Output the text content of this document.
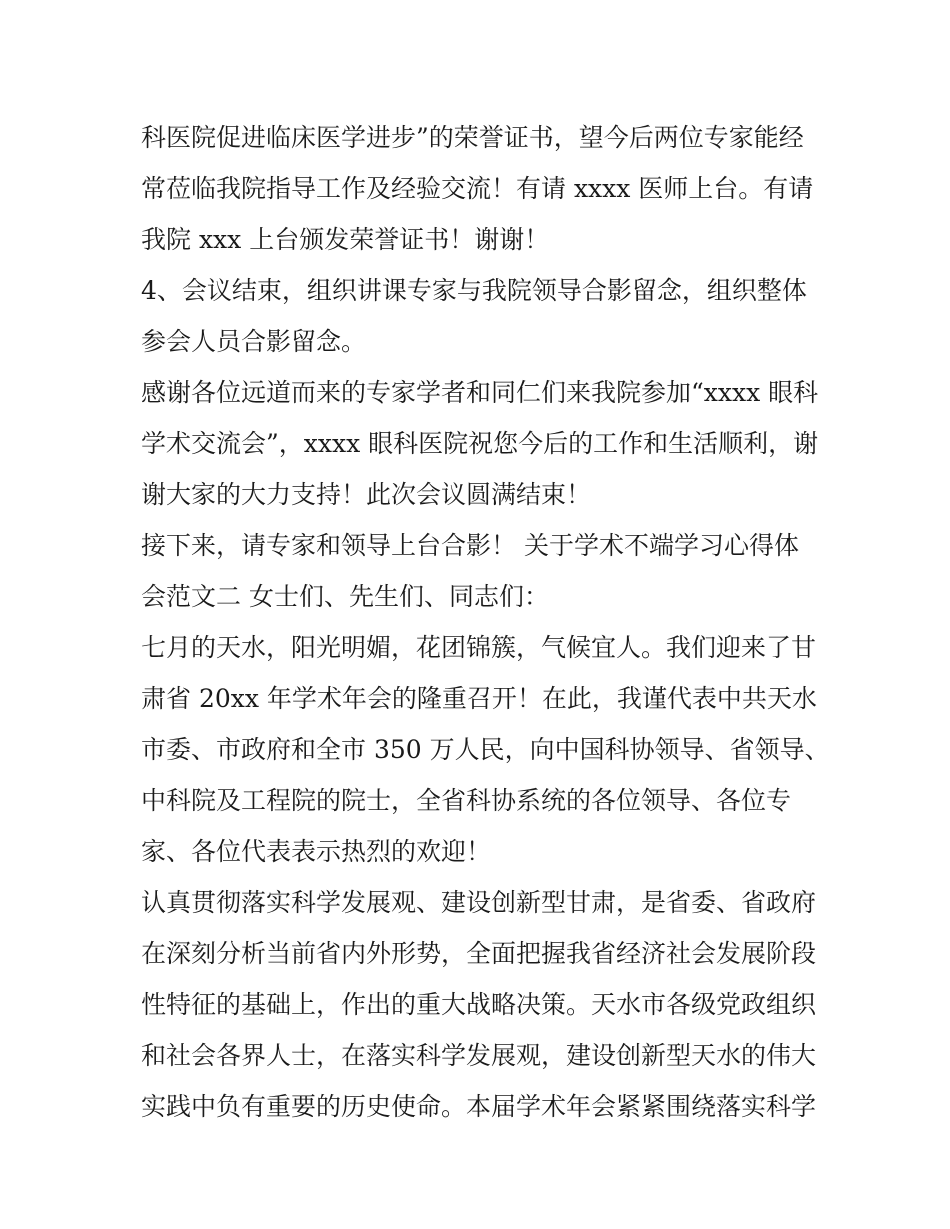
科医院促进临床医学进步”的荣誉证书，望今后两位专家能经
常莅临我院指导工作及经验交流！有请 xxxx 医师上台。有请
我院 xxx 上台颁发荣誉证书！谢谢！
4、会议结束，组织讲课专家与我院领导合影留念，组织整体
参会人员合影留念。
感谢各位远道而来的专家学者和同仁们来我院参加“xxxx 眼科
学术交流会”，xxxx 眼科医院祝您今后的工作和生活顺利，谢
谢大家的大力支持！此次会议圆满结束！
接下来，请专家和领导上台合影！ 关于学术不端学习心得体
会范文二 女士们、先生们、同志们：
七月的天水，阳光明媚，花团锦簇，气候宜人。我们迎来了甘
肃省 20xx 年学术年会的隆重召开！在此，我谨代表中共天水
市委、市政府和全市 350 万人民，向中国科协领导、省领导、
中科院及工程院的院士，全省科协系统的各位领导、各位专
家、各位代表表示热烈的欢迎！
认真贯彻落实科学发展观、建设创新型甘肃，是省委、省政府
在深刻分析当前省内外形势，全面把握我省经济社会发展阶段
性特征的基础上，作出的重大战略决策。天水市各级党政组织
和社会各界人士，在落实科学发展观，建设创新型天水的伟大
实践中负有重要的历史使命。本届学术年会紧紧围绕落实科学
